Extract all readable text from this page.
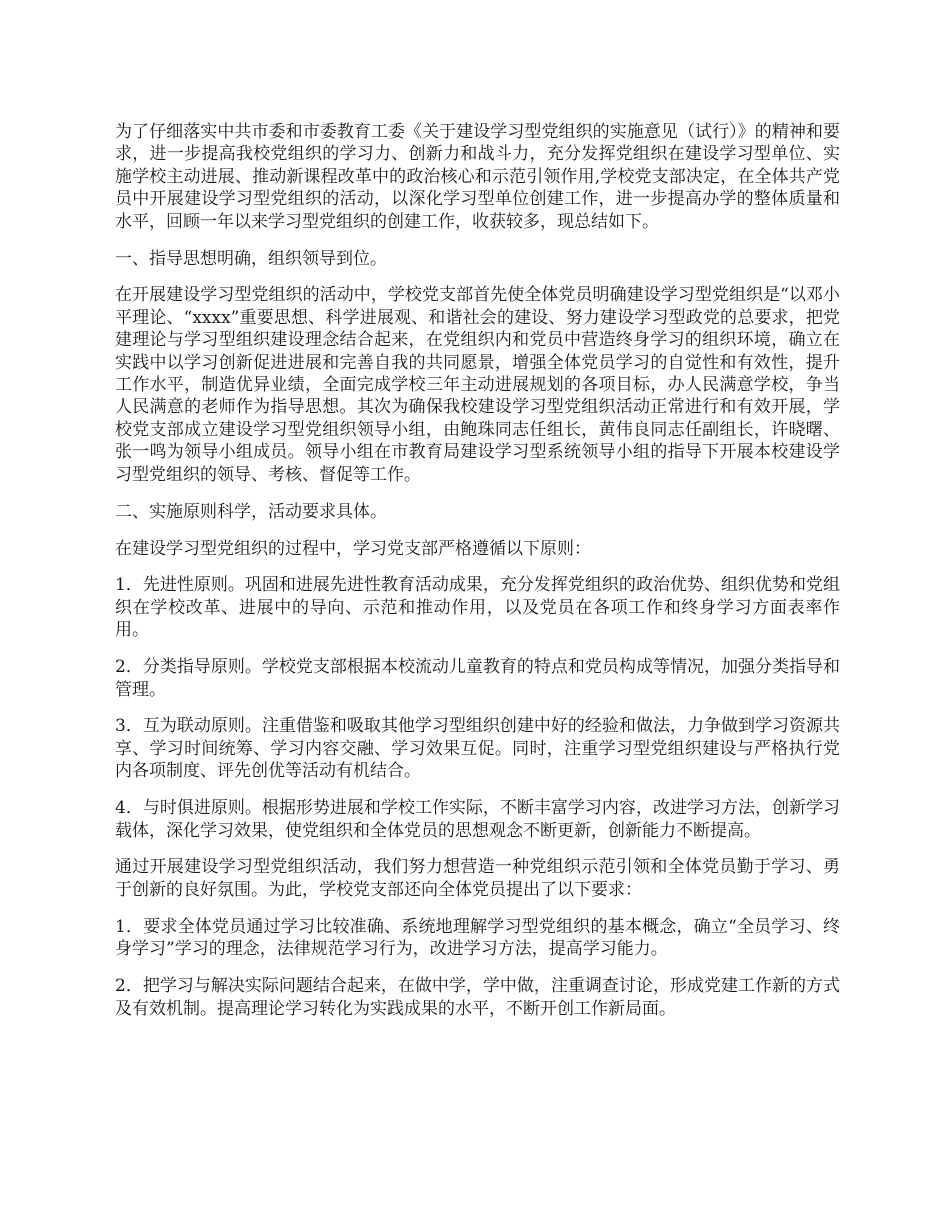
为了仔细落实中共市委和市委教育工委《关于建设学习型党组织的实施意见（试行）》的精神和要求，进一步提高我校党组织的学习力、创新力和战斗力，充分发挥党组织在建设学习型单位、实施学校主动进展、推动新课程改革中的政治核心和示范引领作用,学校党支部决定，在全体共产党员中开展建设学习型党组织的活动，以深化学习型单位创建工作，进一步提高办学的整体质量和水平，回顾一年以来学习型党组织的创建工作，收获较多，现总结如下。

一、指导思想明确，组织领导到位。

在开展建设学习型党组织的活动中，学校党支部首先使全体党员明确建设学习型党组织是“以邓小平理论、“xxxx”重要思想、科学进展观、和谐社会的建设、努力建设学习型政党的总要求，把党建理论与学习型组织建设理念结合起来，在党组织内和党员中营造终身学习的组织环境，确立在实践中以学习创新促进进展和完善自我的共同愿景，增强全体党员学习的自觉性和有效性，提升工作水平，制造优异业绩，全面完成学校三年主动进展规划的各项目标，办人民满意学校，争当人民满意的老师作为指导思想。其次为确保我校建设学习型党组织活动正常进行和有效开展，学校党支部成立建设学习型党组织领导小组，由鲍珠同志任组长，黄伟良同志任副组长，许晓曙、张一鸣为领导小组成员。领导小组在市教育局建设学习型系统领导小组的指导下开展本校建设学习型党组织的领导、考核、督促等工作。

二、实施原则科学，活动要求具体。

在建设学习型党组织的过程中，学习党支部严格遵循以下原则：

1．先进性原则。巩固和进展先进性教育活动成果，充分发挥党组织的政治优势、组织优势和党组织在学校改革、进展中的导向、示范和推动作用，以及党员在各项工作和终身学习方面表率作用。

2．分类指导原则。学校党支部根据本校流动儿童教育的特点和党员构成等情况，加强分类指导和管理。

3．互为联动原则。注重借鉴和吸取其他学习型组织创建中好的经验和做法，力争做到学习资源共享、学习时间统筹、学习内容交融、学习效果互促。同时，注重学习型党组织建设与严格执行党内各项制度、评先创优等活动有机结合。

4．与时俱进原则。根据形势进展和学校工作实际，不断丰富学习内容，改进学习方法，创新学习载体，深化学习效果，使党组织和全体党员的思想观念不断更新，创新能力不断提高。

通过开展建设学习型党组织活动，我们努力想营造一种党组织示范引领和全体党员勤于学习、勇于创新的良好氛围。为此，学校党支部还向全体党员提出了以下要求：

1．要求全体党员通过学习比较准确、系统地理解学习型党组织的基本概念，确立“全员学习、终身学习”学习的理念，法律规范学习行为，改进学习方法，提高学习能力。

2．把学习与解决实际问题结合起来，在做中学，学中做，注重调查讨论，形成党建工作新的方式及有效机制。提高理论学习转化为实践成果的水平，不断开创工作新局面。
